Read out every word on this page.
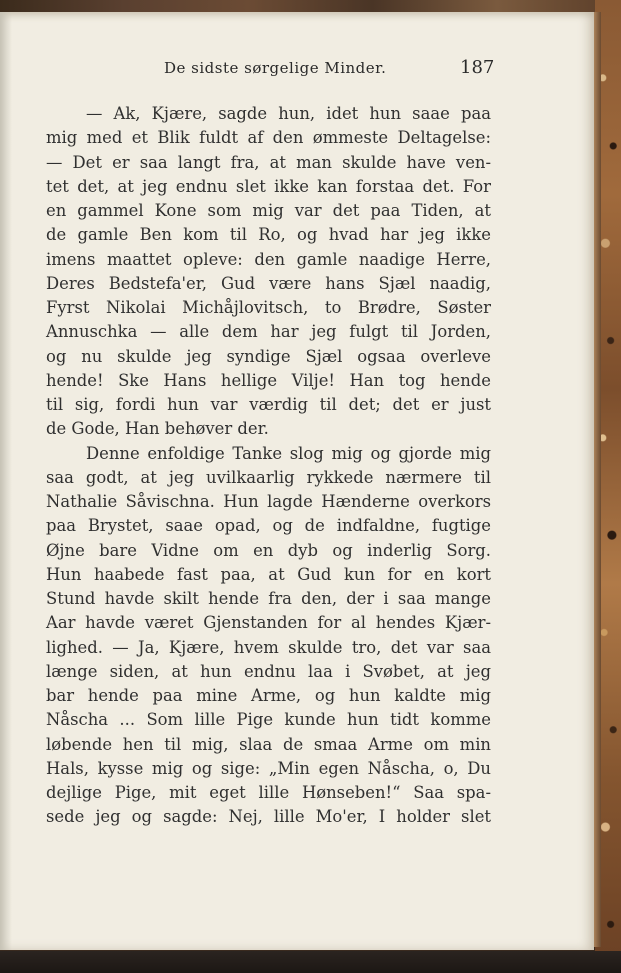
De sidste sørgelige Minder.	187
— Ak, Kjære, sagde hun, idet hun saae paa
mig med et Blik fuldt af den ømmeste Deltagelse:
— Det er saa langt fra, at man skulde have ven-
tet det, at jeg endnu slet ikke kan forstaa det. For
en gammel Kone som mig var det paa Tiden, at
de gamle Ben kom til Ro, og hvad har jeg ikke
imens maattet opleve: den gamle naadige Herre,
Deres Bedstefa'er, Gud være hans Sjæl naadig,
Fyrst Nikolai Michåjlovitsch, to Brødre, Søster
Annuschka — alle dem har jeg fulgt til Jorden,
og nu skulde jeg syndige Sjæl ogsaa overleve
hende! Ske Hans hellige Vilje! Han tog hende
til sig, fordi hun var værdig til det; det er just
de Gode, Han behøver der.
Denne enfoldige Tanke slog mig og gjorde mig
saa godt, at jeg uvilkaarlig rykkede nærmere til
Nathalie Såvischna. Hun lagde Hænderne overkors
paa Brystet, saae opad, og de indfaldne, fugtige
Øjne bare Vidne om en dyb og inderlig Sorg.
Hun haabede fast paa, at Gud kun for en kort
Stund havde skilt hende fra den, der i saa mange
Aar havde været Gjenstanden for al hendes Kjær-
lighed. — Ja, Kjære, hvem skulde tro, det var saa
længe siden, at hun endnu laa i Svøbet, at jeg
bar hende paa mine Arme, og hun kaldte mig
Nåscha ... Som lille Pige kunde hun tidt komme
løbende hen til mig, slaa de smaa Arme om min
Hals, kysse mig og sige: „Min egen Nåscha, o, Du
dejlige Pige, mit eget lille Hønseben!“ Saa spa-
sede jeg og sagde: Nej, lille Mo'er, I holder slet
